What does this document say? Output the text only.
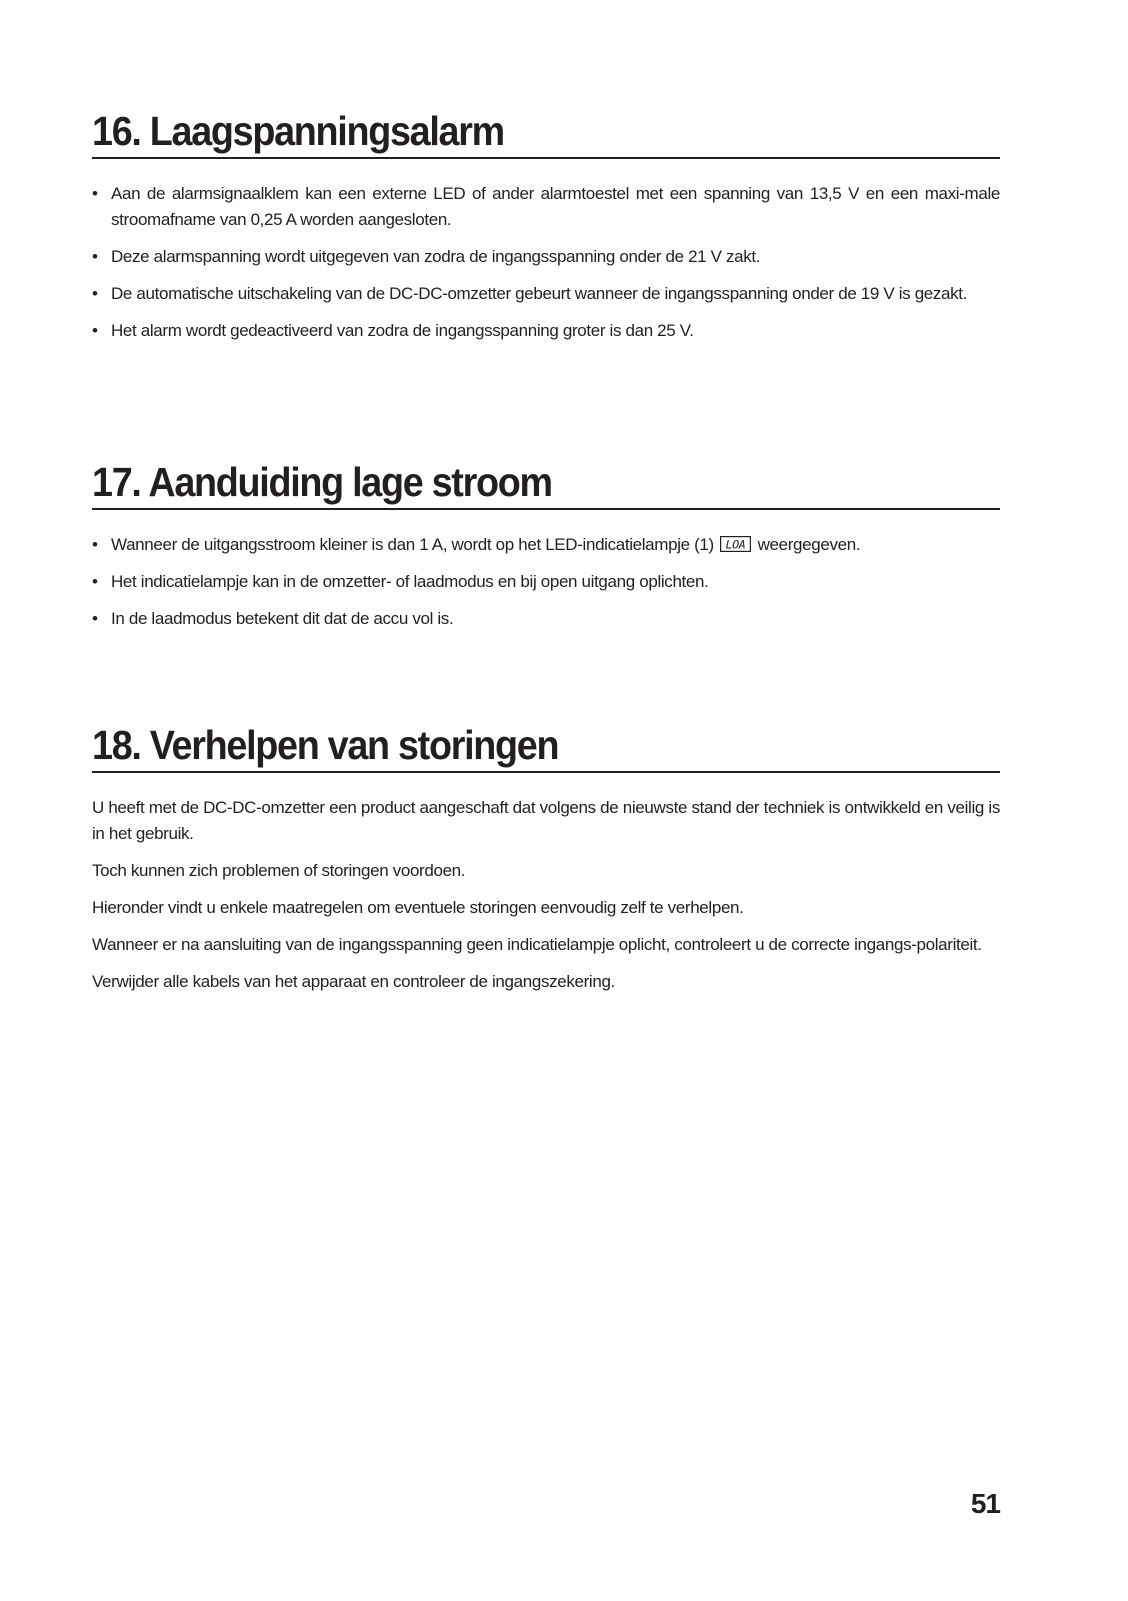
16. Laagspanningsalarm
• Aan de alarmsignaalklem kan een externe LED of ander alarmtoestel met een spanning van 13,5 V en een maxi-male stroomafname van 0,25 A worden aangesloten.
• Deze alarmspanning wordt uitgegeven van zodra de ingangsspanning onder de 21 V zakt.
• De automatische uitschakeling van de DC-DC-omzetter gebeurt wanneer de ingangsspanning onder de 19 V is gezakt.
• Het alarm wordt gedeactiveerd van zodra de ingangsspanning groter is dan 25 V.
17. Aanduiding lage stroom
• Wanneer de uitgangsstroom kleiner is dan 1 A, wordt op het LED-indicatielampje (1) LOA weergegeven.
• Het indicatielampje kan in de omzetter- of laadmodus en bij open uitgang oplichten.
• In de laadmodus betekent dit dat de accu vol is.
18. Verhelpen van storingen

U heeft met de DC-DC-omzetter een product aangeschaft dat volgens de nieuwste stand der techniek is ontwikkeld en veilig is in het gebruik.

Toch kunnen zich problemen of storingen voordoen.

Hieronder vindt u enkele maatregelen om eventuele storingen eenvoudig zelf te verhelpen.

Wanneer er na aansluiting van de ingangsspanning geen indicatielampje oplicht, controleert u de correcte ingangs-polariteit.

Verwijder alle kabels van het apparaat en controleer de ingangszekering.

51
